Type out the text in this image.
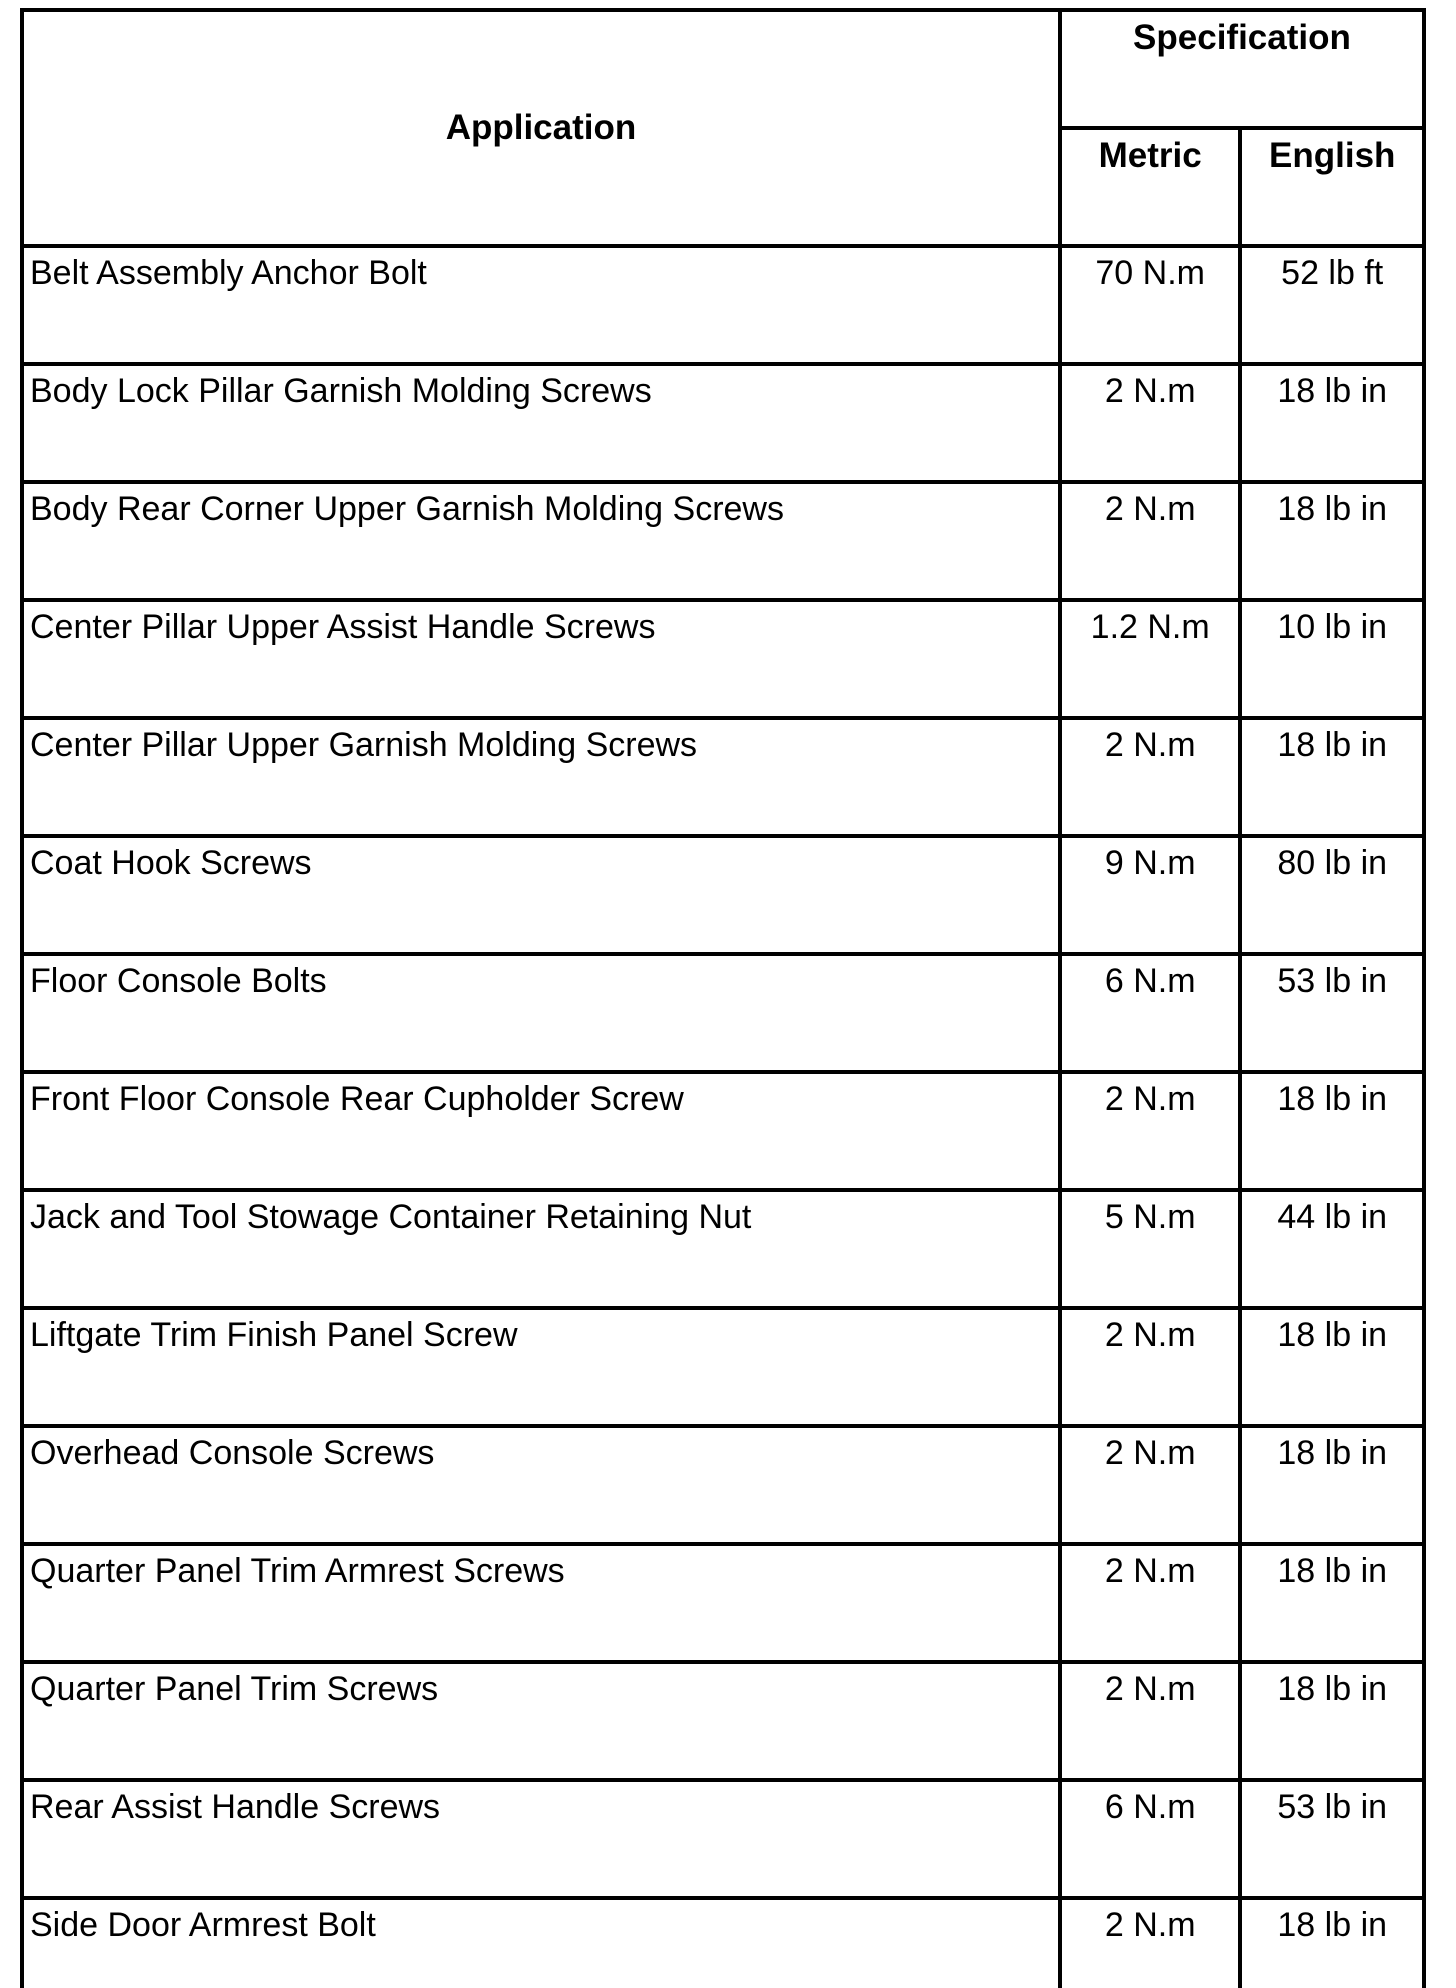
Application	Specification	
	Metric	English
Belt Assembly Anchor Bolt	70 N.m	52 lb ft
Body Lock Pillar Garnish Molding Screws	2 N.m	18 lb in
Body Rear Corner Upper Garnish Molding Screws	2 N.m	18 lb in
Center Pillar Upper Assist Handle Screws	1.2 N.m	10 lb in
Center Pillar Upper Garnish Molding Screws	2 N.m	18 lb in
Coat Hook Screws	9 N.m	80 lb in
Floor Console Bolts	6 N.m	53 lb in
Front Floor Console Rear Cupholder Screw	2 N.m	18 lb in
Jack and Tool Stowage Container Retaining Nut	5 N.m	44 lb in
Liftgate Trim Finish Panel Screw	2 N.m	18 lb in
Overhead Console Screws	2 N.m	18 lb in
Quarter Panel Trim Armrest Screws	2 N.m	18 lb in
Quarter Panel Trim Screws	2 N.m	18 lb in
Rear Assist Handle Screws	6 N.m	53 lb in
Side Door Armrest Bolt	2 N.m	18 lb in
